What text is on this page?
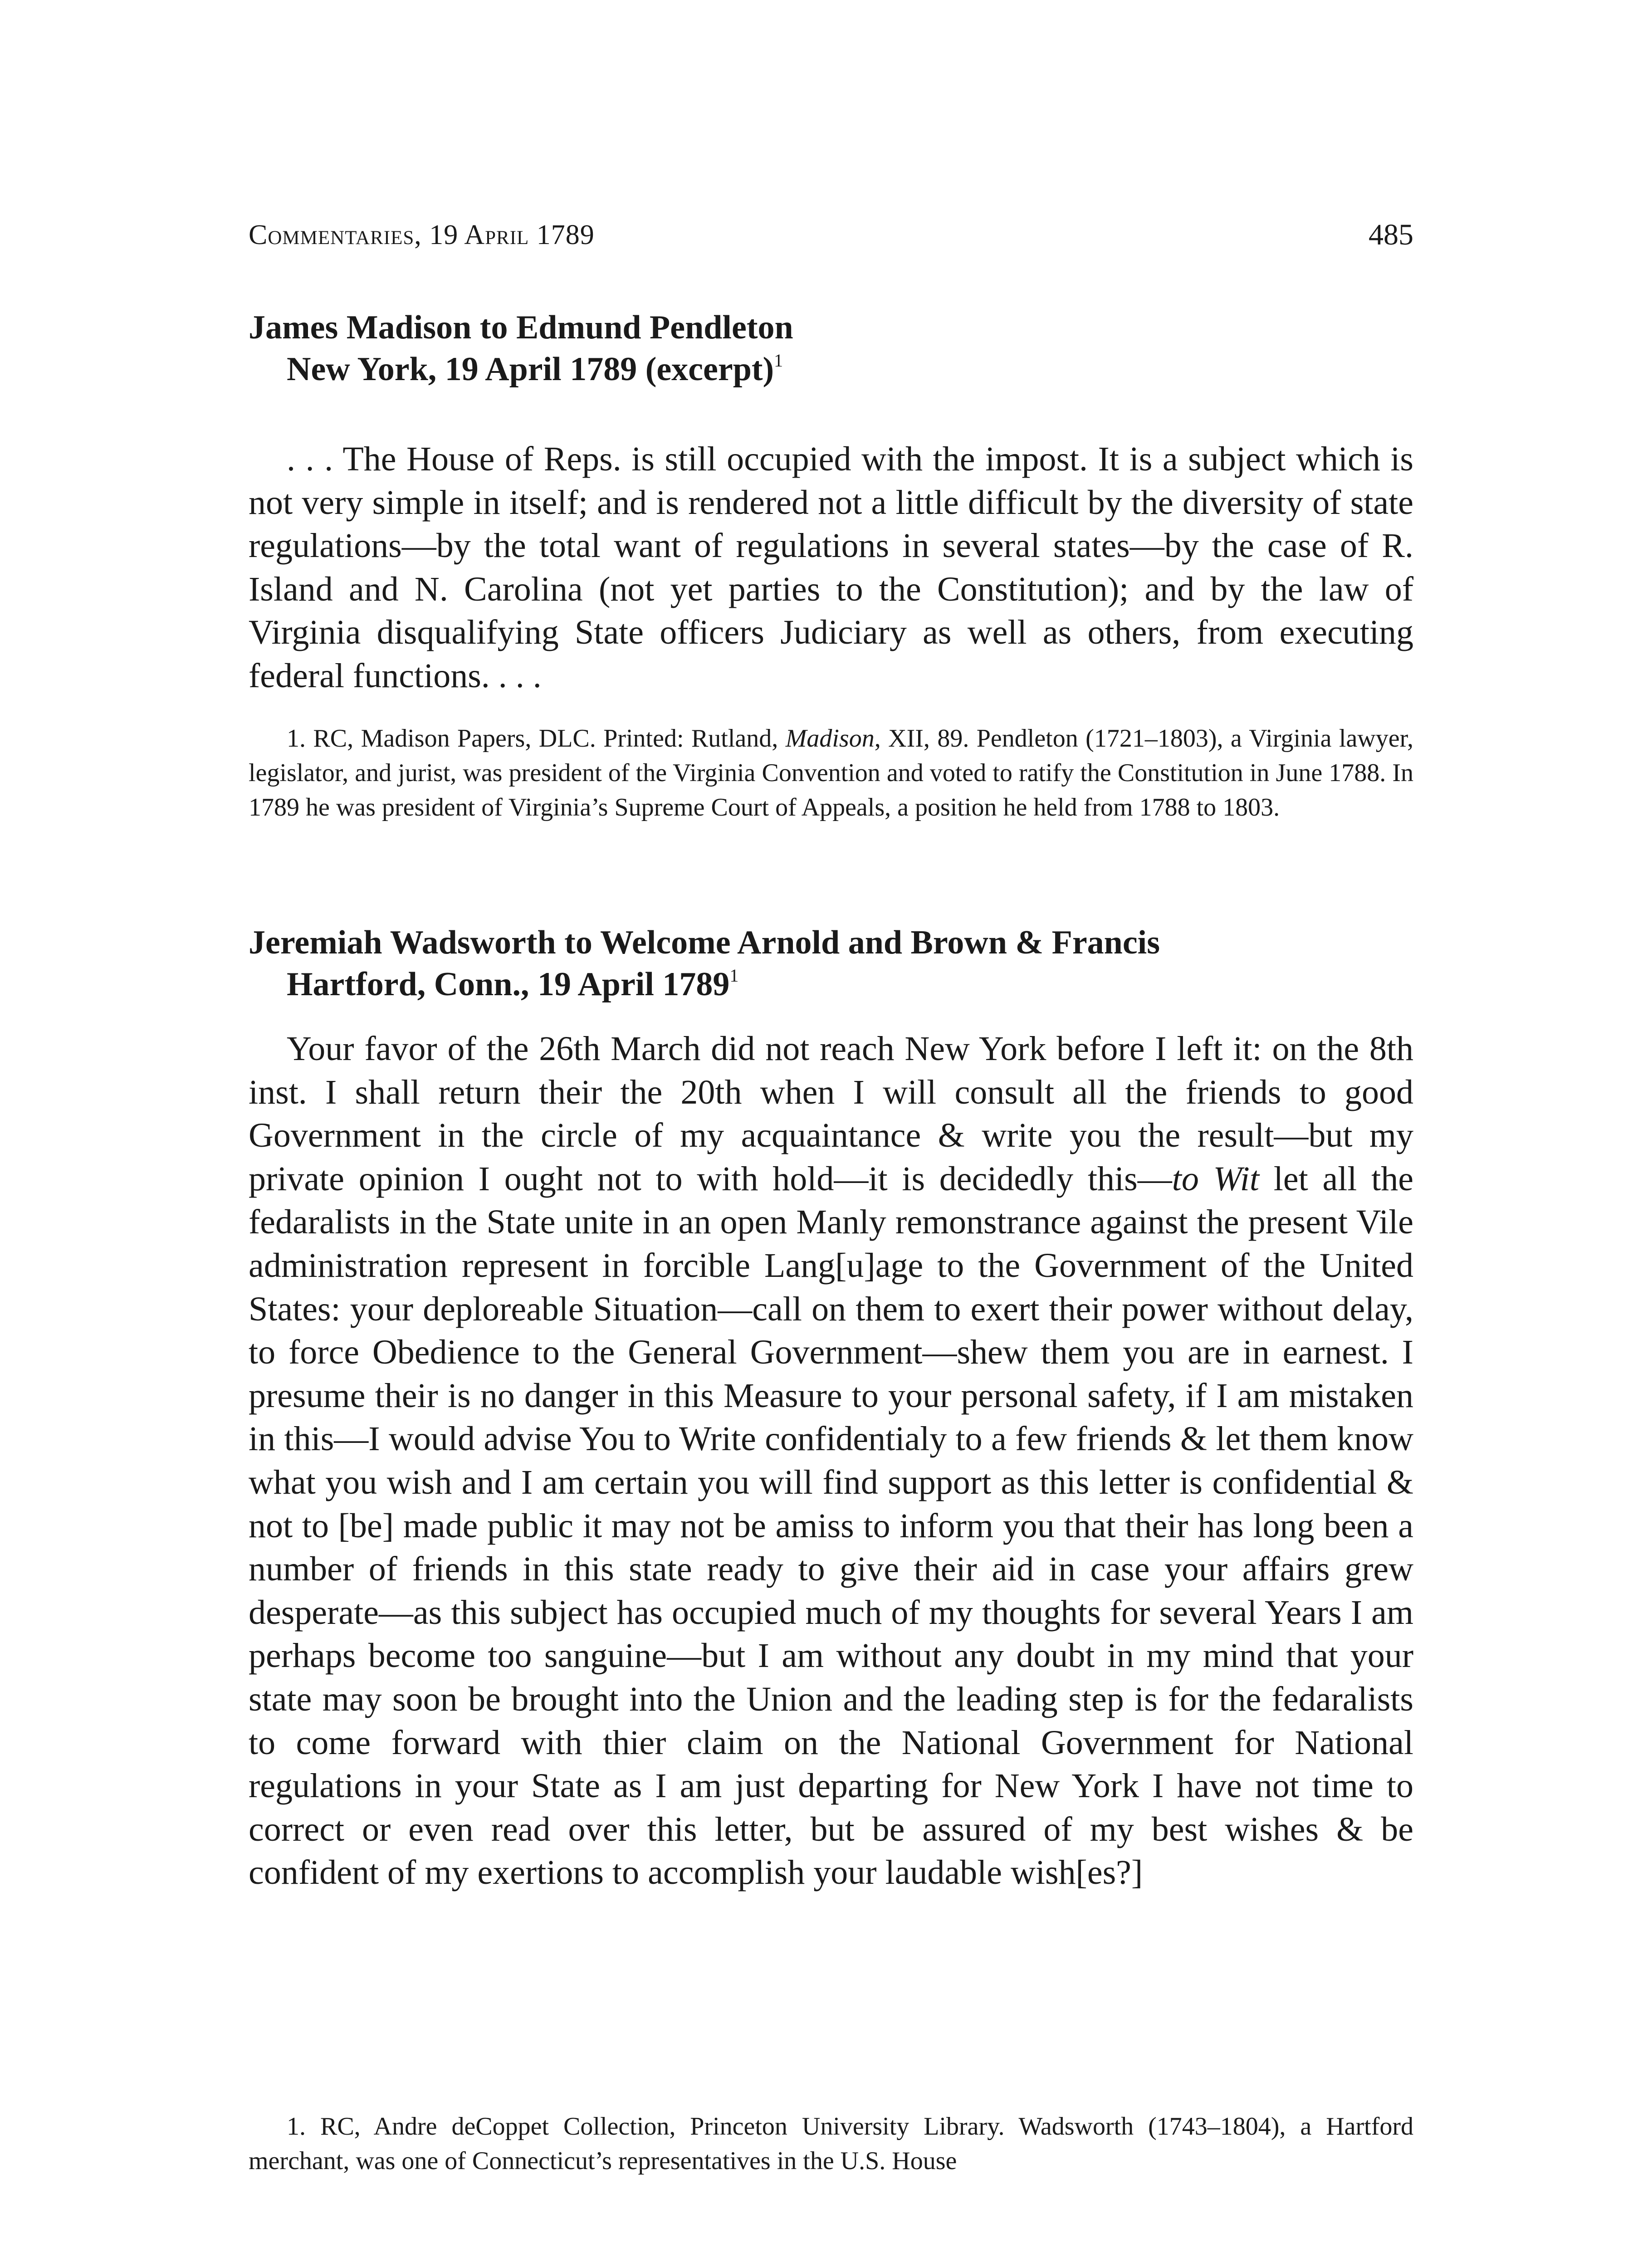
Commentaries, 19 April 1789	485
James Madison to Edmund Pendleton
New York, 19 April 1789 (excerpt)$^1$

. . . The House of Reps. is still occupied with the impost. It is a subject which is not very simple in itself; and is rendered not a little difficult by the diversity of state regulations—by the total want of regulations in several states—by the case of R. Island and N. Carolina (not yet parties to the Constitution); and by the law of Virginia disqualifying State officers Judiciary as well as others, from executing federal functions. . . .

1. RC, Madison Papers, DLC. Printed: Rutland, Madison, XII, 89. Pendleton (1721–1803), a Virginia lawyer, legislator, and jurist, was president of the Virginia Convention and voted to ratify the Constitution in June 1788. In 1789 he was president of Virginia’s Supreme Court of Appeals, a position he held from 1788 to 1803.

Jeremiah Wadsworth to Welcome Arnold and Brown & Francis
Hartford, Conn., 19 April 1789$^1$

Your favor of the 26th March did not reach New York before I left it: on the 8th inst. I shall return their the 20th when I will consult all the friends to good Government in the circle of my acquaintance & write you the result—but my private opinion I ought not to with hold—it is decidedly this—to Wit let all the fedaralists in the State unite in an open Manly remonstrance against the present Vile administration represent in forcible Lang[u]age to the Government of the United States: your deploreable Situation—call on them to exert their power without delay, to force Obedience to the General Government—shew them you are in earnest. I presume their is no danger in this Measure to your personal safety, if I am mistaken in this—I would advise You to Write confidentialy to a few friends & let them know what you wish and I am certain you will find support as this letter is confidential & not to [be] made public it may not be amiss to inform you that their has long been a number of friends in this state ready to give their aid in case your affairs grew desperate—as this subject has occupied much of my thoughts for several Years I am perhaps become too sanguine—but I am without any doubt in my mind that your state may soon be brought into the Union and the leading step is for the fedaralists to come forward with thier claim on the National Government for National regulations in your State as I am just departing for New York I have not time to correct or even read over this letter, but be assured of my best wishes & be confident of my exertions to accomplish your laudable wish[es?]

1. RC, Andre deCoppet Collection, Princeton University Library. Wadsworth (1743–1804), a Hartford merchant, was one of Connecticut’s representatives in the U.S. House
